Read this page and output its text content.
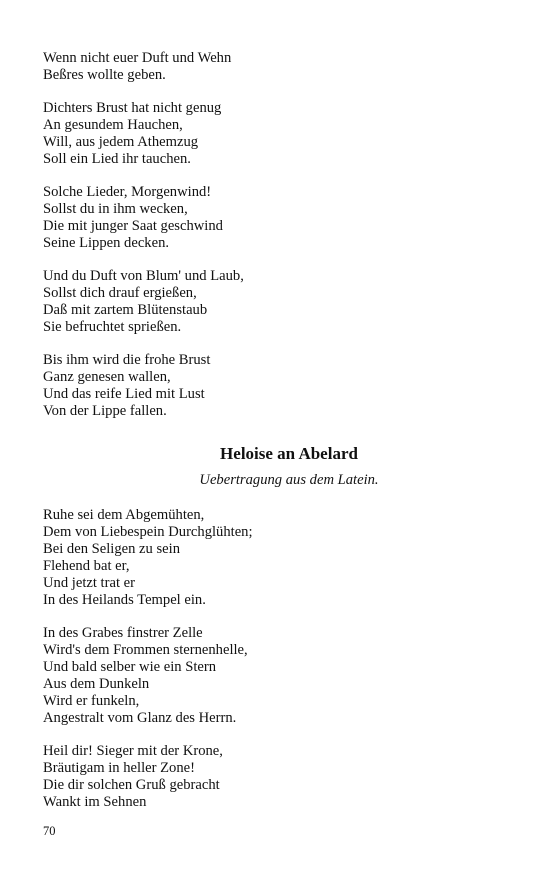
Wenn nicht euer Duft und Wehn
Beßres wollte geben.
Dichters Brust hat nicht genug
An gesundem Hauchen,
Will, aus jedem Athemzug
Soll ein Lied ihr tauchen.
Solche Lieder, Morgenwind!
Sollst du in ihm wecken,
Die mit junger Saat geschwind
Seine Lippen decken.
Und du Duft von Blum' und Laub,
Sollst dich drauf ergießen,
Daß mit zartem Blütenstaub
Sie befruchtet sprießen.
Bis ihm wird die frohe Brust
Ganz genesen wallen,
Und das reife Lied mit Lust
Von der Lippe fallen.
Heloise an Abelard
Uebertragung aus dem Latein.
Ruhe sei dem Abgemühten,
Dem von Liebespein Durchglühten;
Bei den Seligen zu sein
Flehend bat er,
Und jetzt trat er
In des Heilands Tempel ein.
In des Grabes finstrer Zelle
Wird's dem Frommen sternenhelle,
Und bald selber wie ein Stern
Aus dem Dunkeln
Wird er funkeln,
Angestralt vom Glanz des Herrn.
Heil dir! Sieger mit der Krone,
Bräutigam in heller Zone!
Die dir solchen Gruß gebracht
Wankt im Sehnen
70
